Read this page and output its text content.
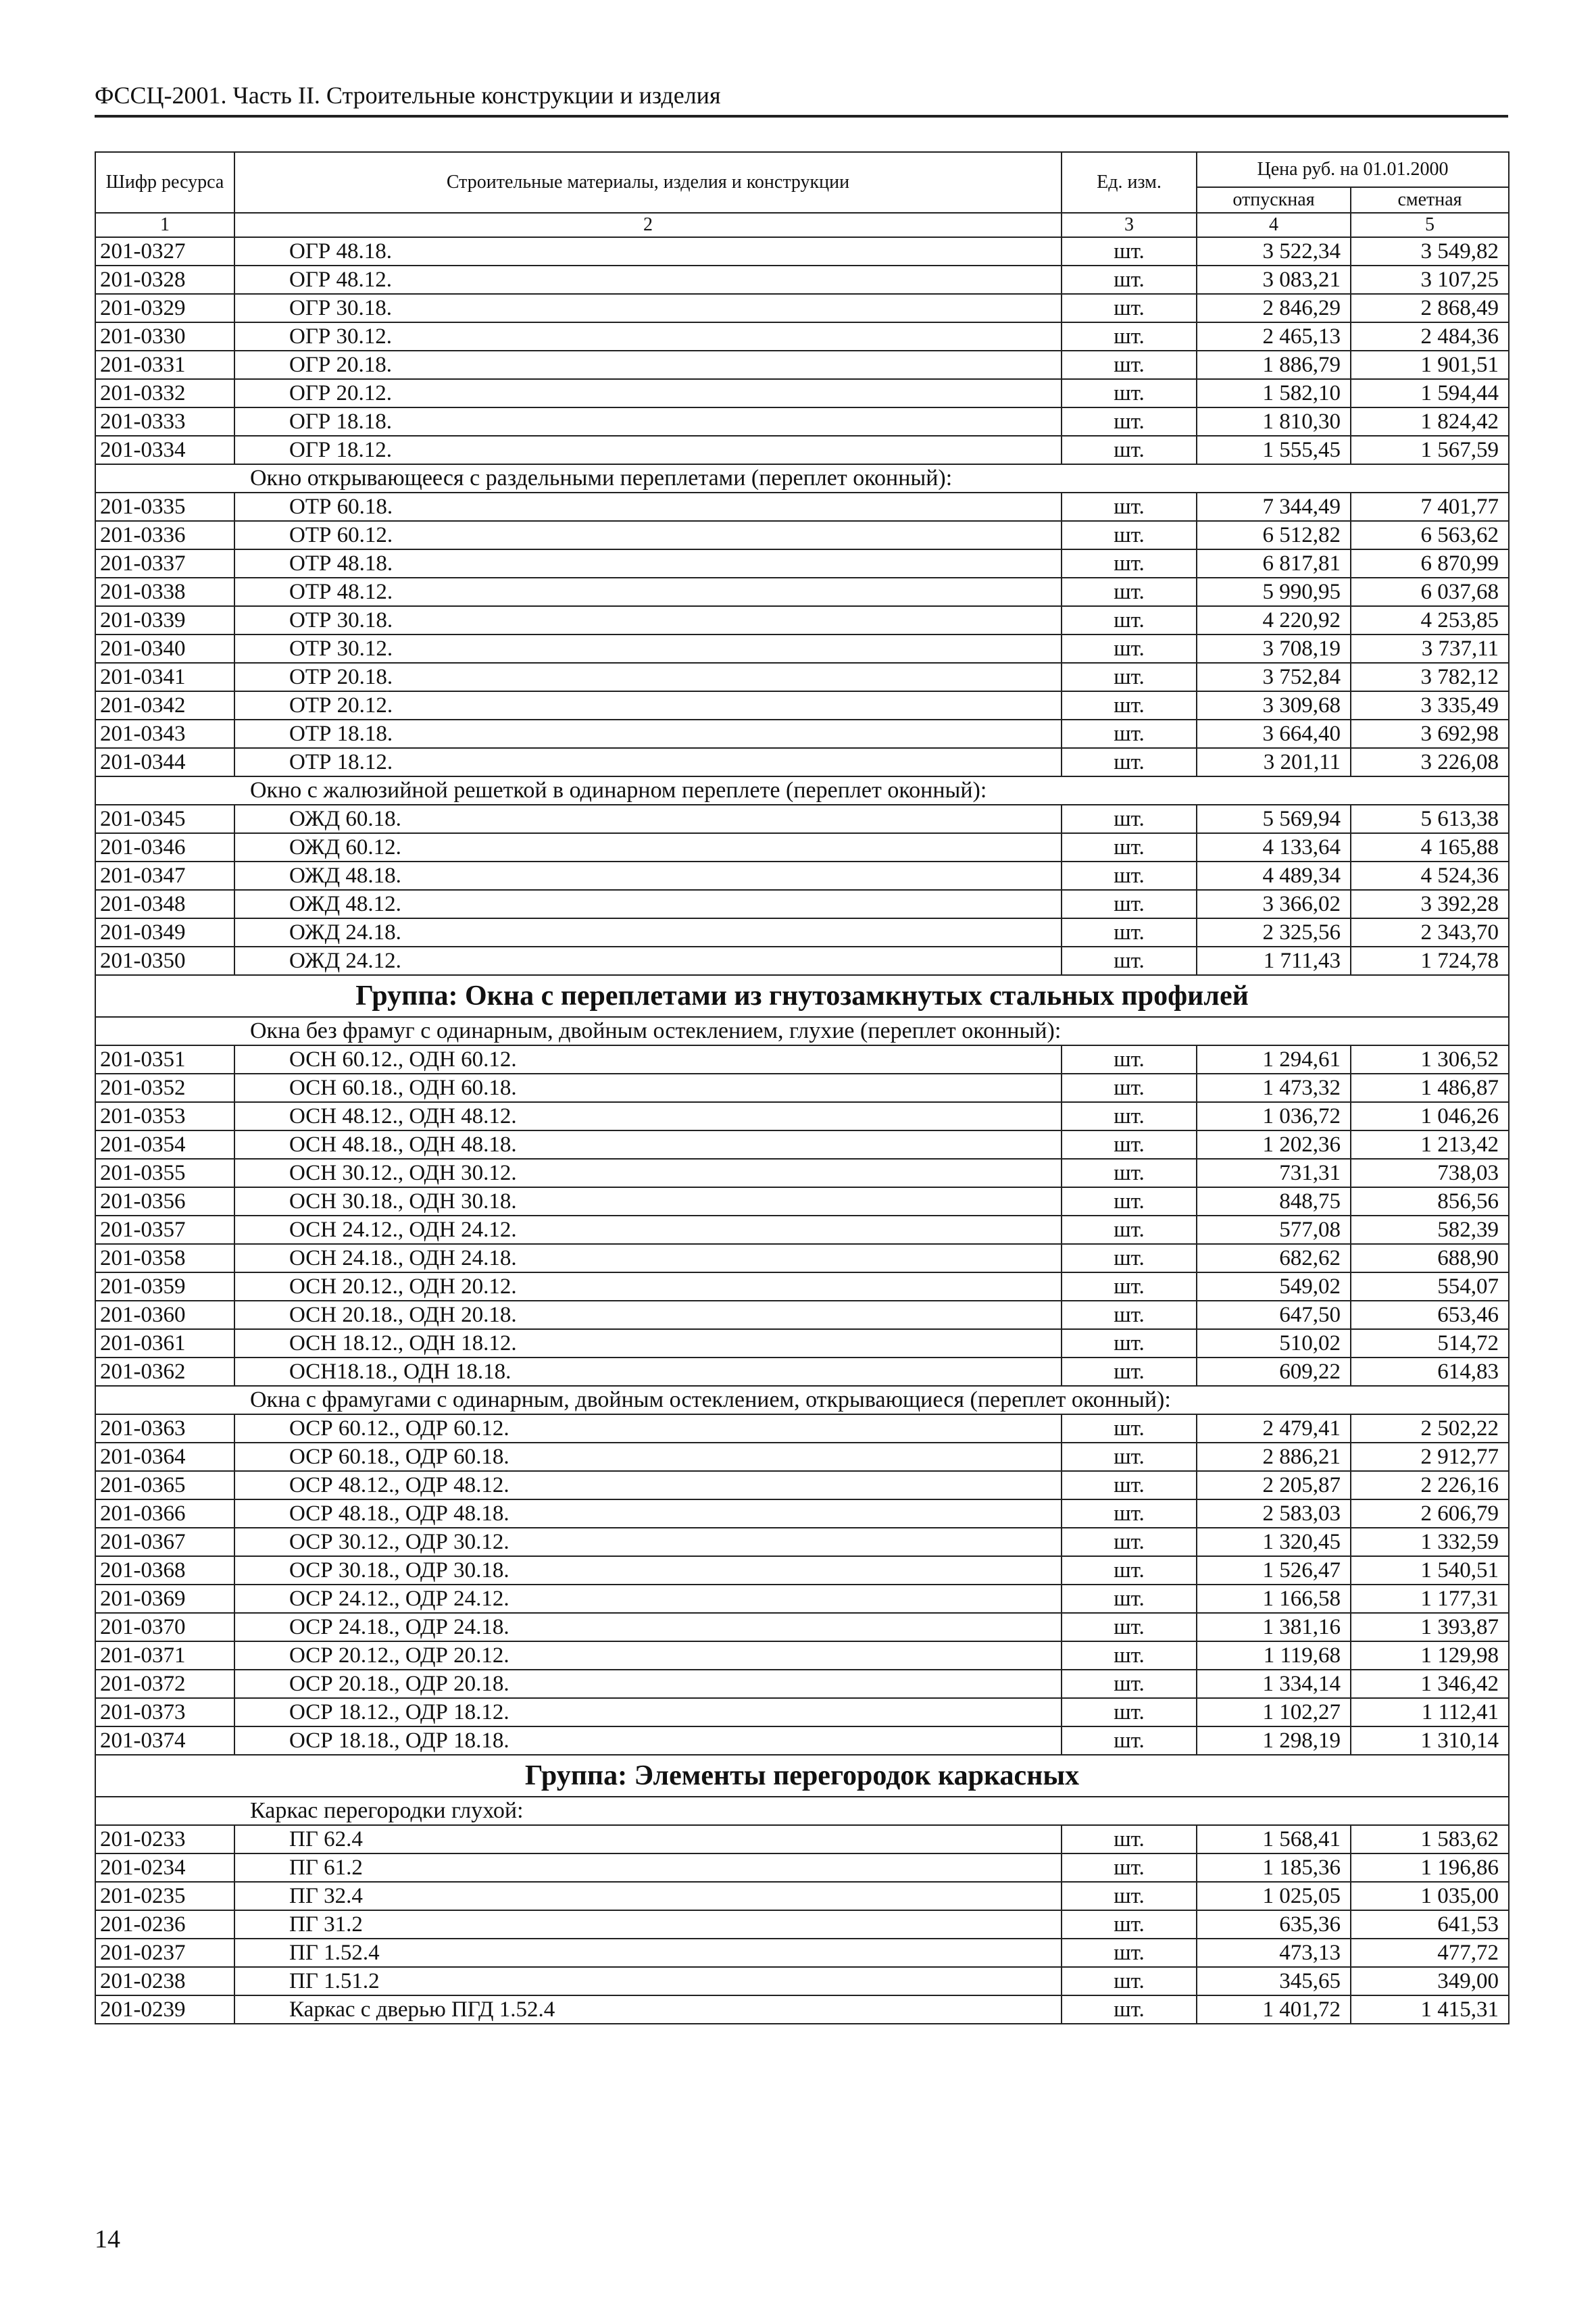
ФССЦ-2001. Часть II. Строительные конструкции и изделия
Шифр ресурса	Строительные материалы, изделия и конструкции	Ед. изм.	Цена руб. на 01.01.2000	
			отпускная	сметная
1	2	3	4	5
201-0327	ОГР 48.18.	шт.	3 522,34	3 549,82
201-0328	ОГР 48.12.	шт.	3 083,21	3 107,25
201-0329	ОГР 30.18.	шт.	2 846,29	2 868,49
201-0330	ОГР 30.12.	шт.	2 465,13	2 484,36
201-0331	ОГР 20.18.	шт.	1 886,79	1 901,51
201-0332	ОГР 20.12.	шт.	1 582,10	1 594,44
201-0333	ОГР 18.18.	шт.	1 810,30	1 824,42
201-0334	ОГР 18.12.	шт.	1 555,45	1 567,59
Окно открывающееся с раздельными переплетами (переплет оконный):				
201-0335	ОТР 60.18.	шт.	7 344,49	7 401,77
201-0336	ОТР 60.12.	шт.	6 512,82	6 563,62
201-0337	ОТР 48.18.	шт.	6 817,81	6 870,99
201-0338	ОТР 48.12.	шт.	5 990,95	6 037,68
201-0339	ОТР 30.18.	шт.	4 220,92	4 253,85
201-0340	ОТР 30.12.	шт.	3 708,19	3 737,11
201-0341	ОТР 20.18.	шт.	3 752,84	3 782,12
201-0342	ОТР 20.12.	шт.	3 309,68	3 335,49
201-0343	ОТР 18.18.	шт.	3 664,40	3 692,98
201-0344	ОТР 18.12.	шт.	3 201,11	3 226,08
Окно с жалюзийной решеткой в одинарном переплете (переплет оконный):				
201-0345	ОЖД 60.18.	шт.	5 569,94	5 613,38
201-0346	ОЖД 60.12.	шт.	4 133,64	4 165,88
201-0347	ОЖД 48.18.	шт.	4 489,34	4 524,36
201-0348	ОЖД 48.12.	шт.	3 366,02	3 392,28
201-0349	ОЖД 24.18.	шт.	2 325,56	2 343,70
201-0350	ОЖД 24.12.	шт.	1 711,43	1 724,78
Группа: Окна с переплетами из гнутозамкнутых стальных профилей				
Окна без фрамуг с одинарным, двойным остеклением, глухие (переплет оконный):				
201-0351	ОСН 60.12., ОДН 60.12.	шт.	1 294,61	1 306,52
201-0352	ОСН 60.18., ОДН 60.18.	шт.	1 473,32	1 486,87
201-0353	ОСН 48.12., ОДН 48.12.	шт.	1 036,72	1 046,26
201-0354	ОСН 48.18., ОДН 48.18.	шт.	1 202,36	1 213,42
201-0355	ОСН 30.12., ОДН 30.12.	шт.	731,31	738,03
201-0356	ОСН 30.18., ОДН 30.18.	шт.	848,75	856,56
201-0357	ОСН 24.12., ОДН 24.12.	шт.	577,08	582,39
201-0358	ОСН 24.18., ОДН 24.18.	шт.	682,62	688,90
201-0359	ОСН 20.12., ОДН 20.12.	шт.	549,02	554,07
201-0360	ОСН 20.18., ОДН 20.18.	шт.	647,50	653,46
201-0361	ОСН 18.12., ОДН 18.12.	шт.	510,02	514,72
201-0362	ОСН18.18., ОДН 18.18.	шт.	609,22	614,83
Окна с фрамугами с одинарным, двойным остеклением, открывающиеся (переплет оконный):				
201-0363	ОСР 60.12., ОДР 60.12.	шт.	2 479,41	2 502,22
201-0364	ОСР 60.18., ОДР 60.18.	шт.	2 886,21	2 912,77
201-0365	ОСР 48.12., ОДР 48.12.	шт.	2 205,87	2 226,16
201-0366	ОСР 48.18., ОДР 48.18.	шт.	2 583,03	2 606,79
201-0367	ОСР 30.12., ОДР 30.12.	шт.	1 320,45	1 332,59
201-0368	ОСР 30.18., ОДР 30.18.	шт.	1 526,47	1 540,51
201-0369	ОСР 24.12., ОДР 24.12.	шт.	1 166,58	1 177,31
201-0370	ОСР 24.18., ОДР 24.18.	шт.	1 381,16	1 393,87
201-0371	ОСР 20.12., ОДР 20.12.	шт.	1 119,68	1 129,98
201-0372	ОСР 20.18., ОДР 20.18.	шт.	1 334,14	1 346,42
201-0373	ОСР 18.12., ОДР 18.12.	шт.	1 102,27	1 112,41
201-0374	ОСР 18.18., ОДР 18.18.	шт.	1 298,19	1 310,14
Группа: Элементы перегородок каркасных				
Каркас перегородки глухой:				
201-0233	ПГ 62.4	шт.	1 568,41	1 583,62
201-0234	ПГ 61.2	шт.	1 185,36	1 196,86
201-0235	ПГ 32.4	шт.	1 025,05	1 035,00
201-0236	ПГ 31.2	шт.	635,36	641,53
201-0237	ПГ 1.52.4	шт.	473,13	477,72
201-0238	ПГ 1.51.2	шт.	345,65	349,00
201-0239	Каркас с дверью ПГД 1.52.4	шт.	1 401,72	1 415,31
14
